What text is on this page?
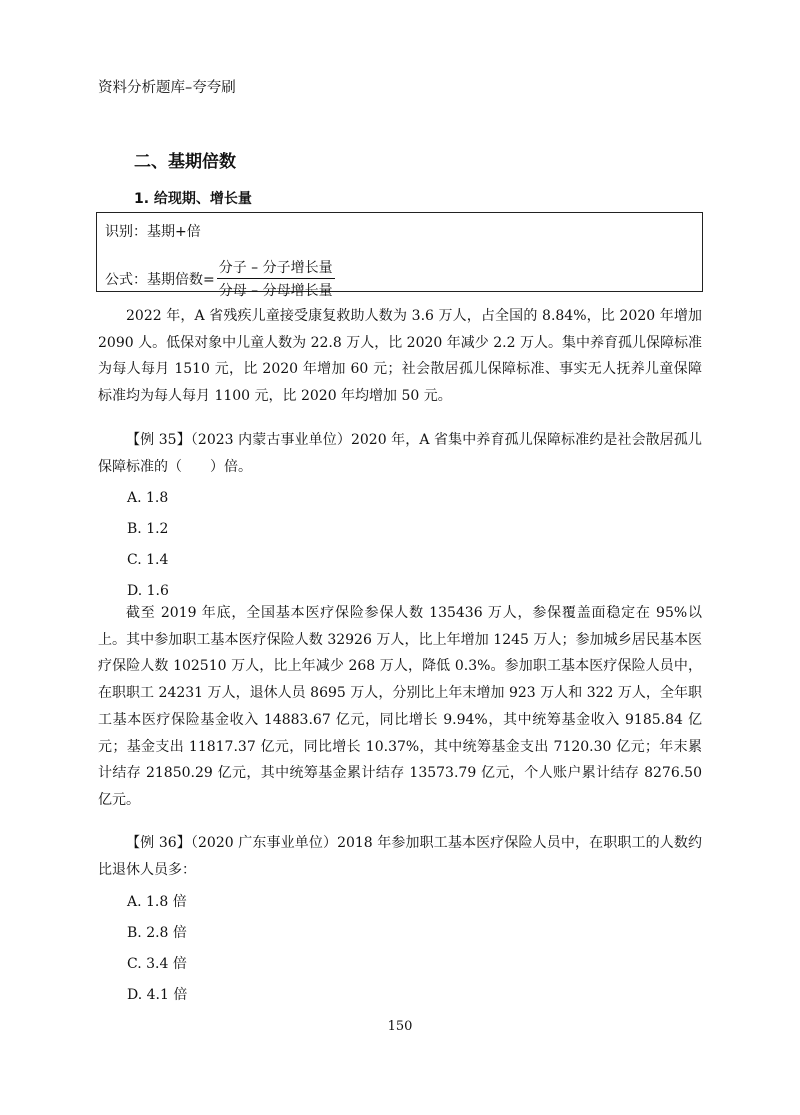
资料分析题库–夸夸刷
二、基期倍数
1. 给现期、增长量
识别：基期+倍
公式：基期倍数= $\frac{\text{分子 – 分子增长量}}{\text{分母 – 分母增长量}}$

2022 年，A 省残疾儿童接受康复救助人数为 3.6 万人，占全国的 8.84%，比 2020 年增加 2090 人。低保对象中儿童人数为 22.8 万人，比 2020 年减少 2.2 万人。集中养育孤儿保障标准为每人每月 1510 元，比 2020 年增加 60 元；社会散居孤儿保障标准、事实无人抚养儿童保障标准均为每人每月 1100 元，比 2020 年均增加 50 元。

【例 35】（2023 内蒙古事业单位）2020 年，A 省集中养育孤儿保障标准约是社会散居孤儿保障标准的（　　）倍。

A. 1.8
B. 1.2
C. 1.4
D. 1.6

截至 2019 年底，全国基本医疗保险参保人数 135436 万人，参保覆盖面稳定在 95%以上。其中参加职工基本医疗保险人数 32926 万人，比上年增加 1245 万人；参加城乡居民基本医疗保险人数 102510 万人，比上年减少 268 万人，降低 0.3%。参加职工基本医疗保险人员中，在职职工 24231 万人，退休人员 8695 万人，分别比上年末增加 923 万人和 322 万人，全年职工基本医疗保险基金收入 14883.67 亿元，同比增长 9.94%，其中统筹基金收入 9185.84 亿元；基金支出 11817.37 亿元，同比增长 10.37%，其中统筹基金支出 7120.30 亿元；年末累计结存 21850.29 亿元，其中统筹基金累计结存 13573.79 亿元，个人账户累计结存 8276.50 亿元。

【例 36】（2020 广东事业单位）2018 年参加职工基本医疗保险人员中，在职职工的人数约比退休人员多：

A. 1.8 倍
B. 2.8 倍
C. 3.4 倍
D. 4.1 倍
150
